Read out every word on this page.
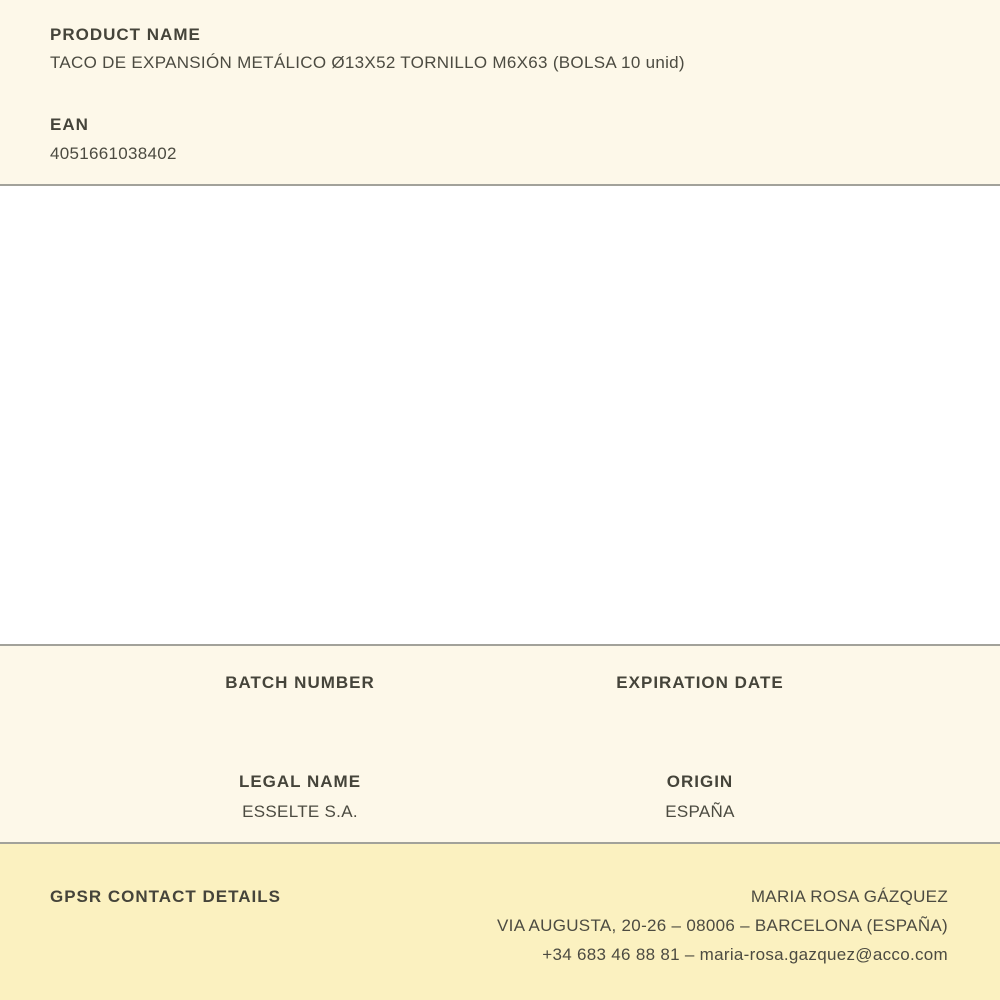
PRODUCT NAME
TACO DE EXPANSIÓN METÁLICO Ø13X52 TORNILLO M6X63 (BOLSA 10 unid)
EAN
4051661038402
BATCH NUMBER	EXPIRATION DATE
LEGAL NAME
ESSELTE S.A.
ORIGIN
ESPAÑA
GPSR CONTACT DETAILS	MARIA ROSA GÁZQUEZ
VIA AUGUSTA, 20-26 – 08006 – BARCELONA (ESPAÑA)
+34 683 46 88 81 – maria-rosa.gazquez@acco.com
